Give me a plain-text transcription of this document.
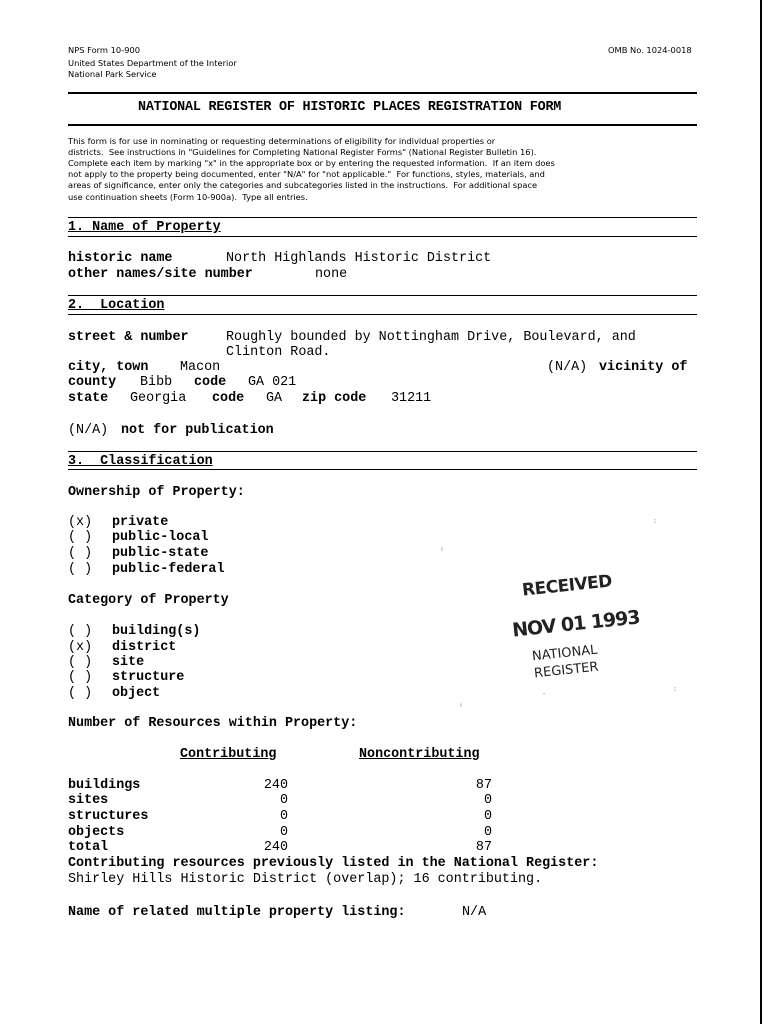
NPS Form 10-900	OMB No. 1024-0018
United States Department of the Interior
National Park Service
NATIONAL REGISTER OF HISTORIC PLACES REGISTRATION FORM
This form is for use in nominating or requesting determinations of eligibility for individual properties or
districts.  See instructions in "Guidelines for Completing National Register Forms" (National Register Bulletin 16).
Complete each item by marking "x" in the appropriate box or by entering the requested information.  If an item does
not apply to the property being documented, enter "N/A" for "not applicable."  For functions, styles, materials, and
areas of significance, enter only the categories and subcategories listed in the instructions.  For additional space
use continuation sheets (Form 10-900a).  Type all entries.
1. Name of Property
historic name	North Highlands Historic District
other names/site number	none
2.  Location
street & number	Roughly bounded by Nottingham Drive, Boulevard, and
Clinton Road.
city, town Macon	(N/A) vicinity of
county Bibb code GA 021
state Georgia code GA zip code 31211
(N/A) not for publication
3.  Classification
Ownership of Property:
(x) private
( ) public-local
( ) public-state
( ) public-federal
Category of Property
( ) building(s)
(x) district
( ) site
( ) structure
( ) object
Number of Resources within Property:
Contributing	Noncontributing
buildings	240	87
sites	0	0
structures	0	0
objects	0	0
total	240	87
Contributing resources previously listed in the National Register:
Shirley Hills Historic District (overlap); 16 contributing.
Name of related multiple property listing:	N/A
RECEIVED
NOV 01 1993
NATIONAL
REGISTER
⁞
⁝
⁞
⁝
-
